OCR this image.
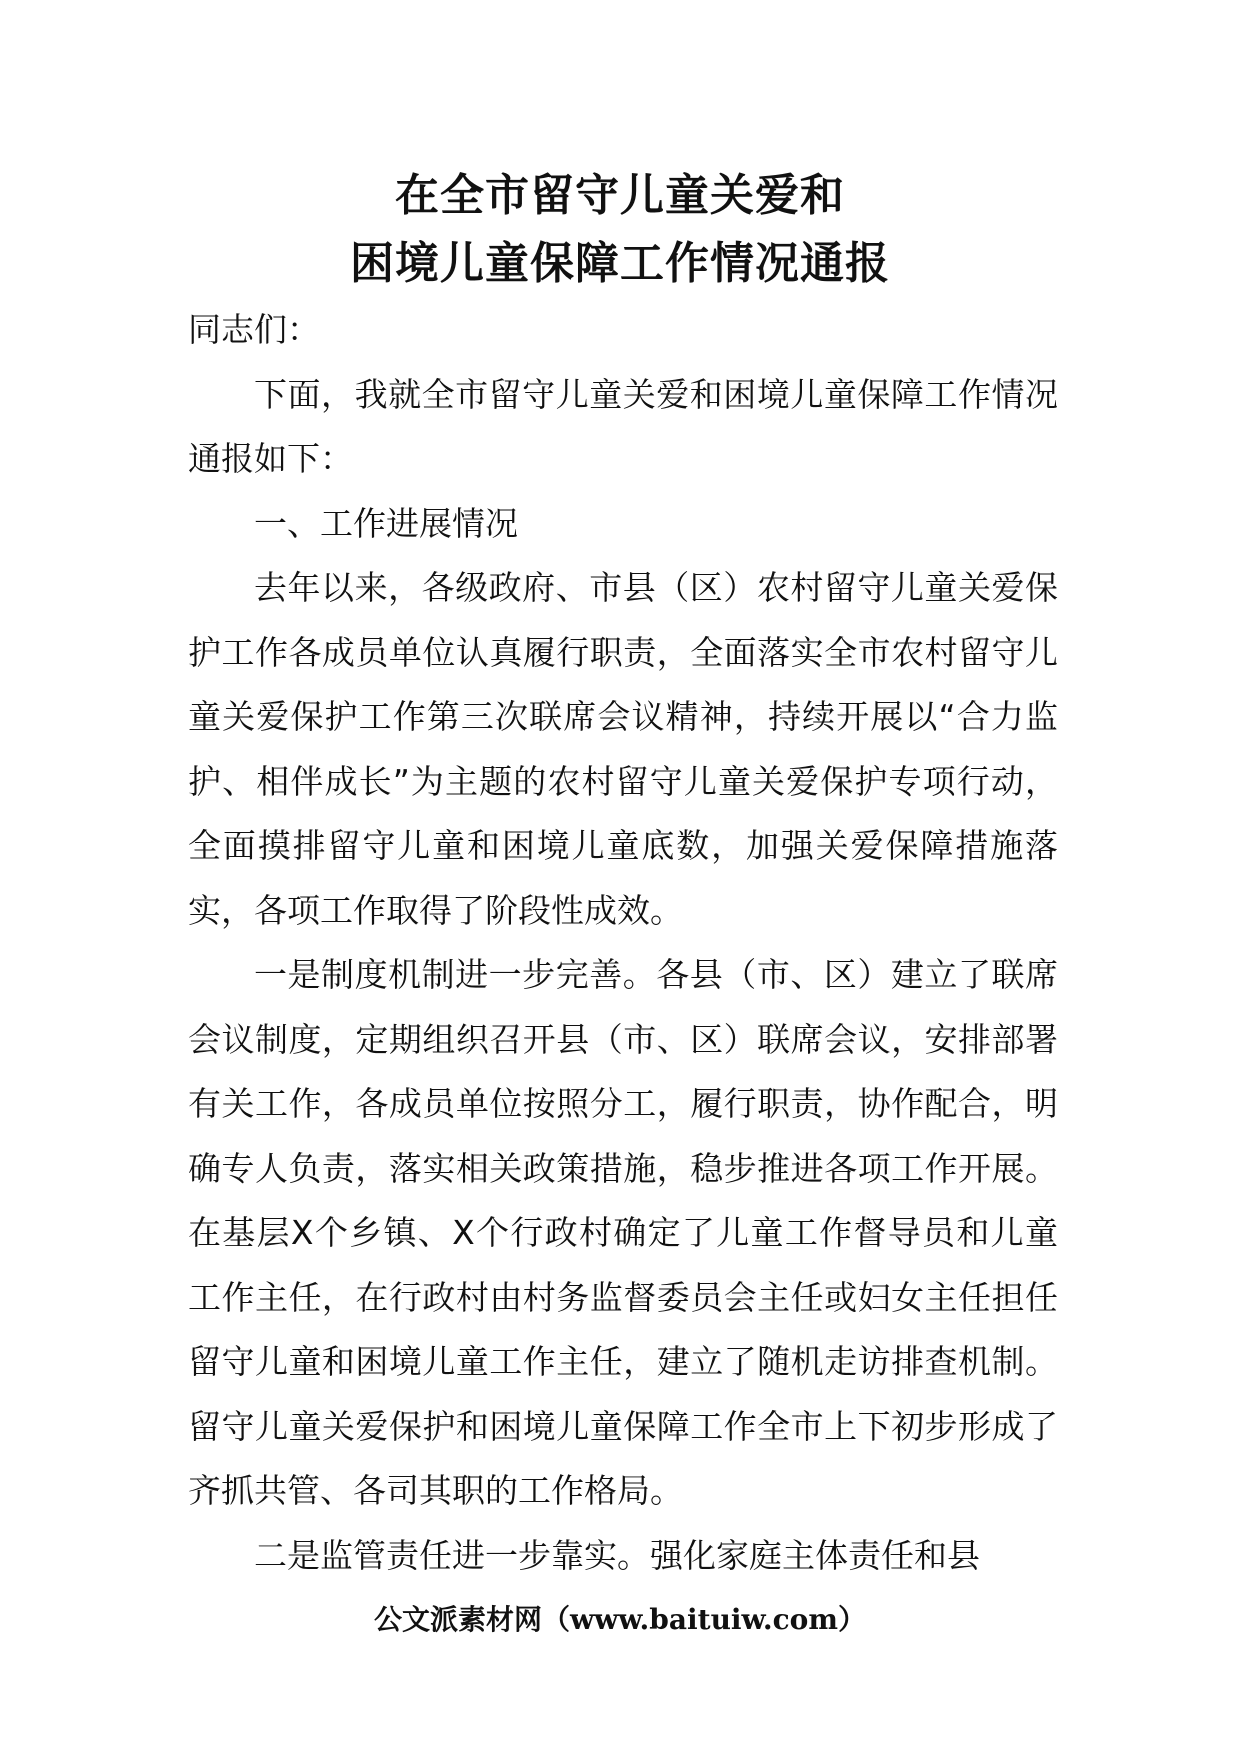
在全市留守儿童关爱和
困境儿童保障工作情况通报

同志们：

下面，我就全市留守儿童关爱和困境儿童保障工作情况通报如下：

一、工作进展情况

去年以来，各级政府、市县（区）农村留守儿童关爱保护工作各成员单位认真履行职责，全面落实全市农村留守儿童关爱保护工作第三次联席会议精神，持续开展以“合力监护、相伴成长”为主题的农村留守儿童关爱保护专项行动，全面摸排留守儿童和困境儿童底数，加强关爱保障措施落实，各项工作取得了阶段性成效。

一是制度机制进一步完善。各县（市、区）建立了联席会议制度，定期组织召开县（市、区）联席会议，安排部署有关工作，各成员单位按照分工，履行职责，协作配合，明确专人负责，落实相关政策措施，稳步推进各项工作开展。在基层X个乡镇、X个行政村确定了儿童工作督导员和儿童工作主任，在行政村由村务监督委员会主任或妇女主任担任留守儿童和困境儿童工作主任，建立了随机走访排查机制。留守儿童关爱保护和困境儿童保障工作全市上下初步形成了齐抓共管、各司其职的工作格局。

二是监管责任进一步靠实。强化家庭主体责任和县

公文派素材网（www.baituiw.com）
